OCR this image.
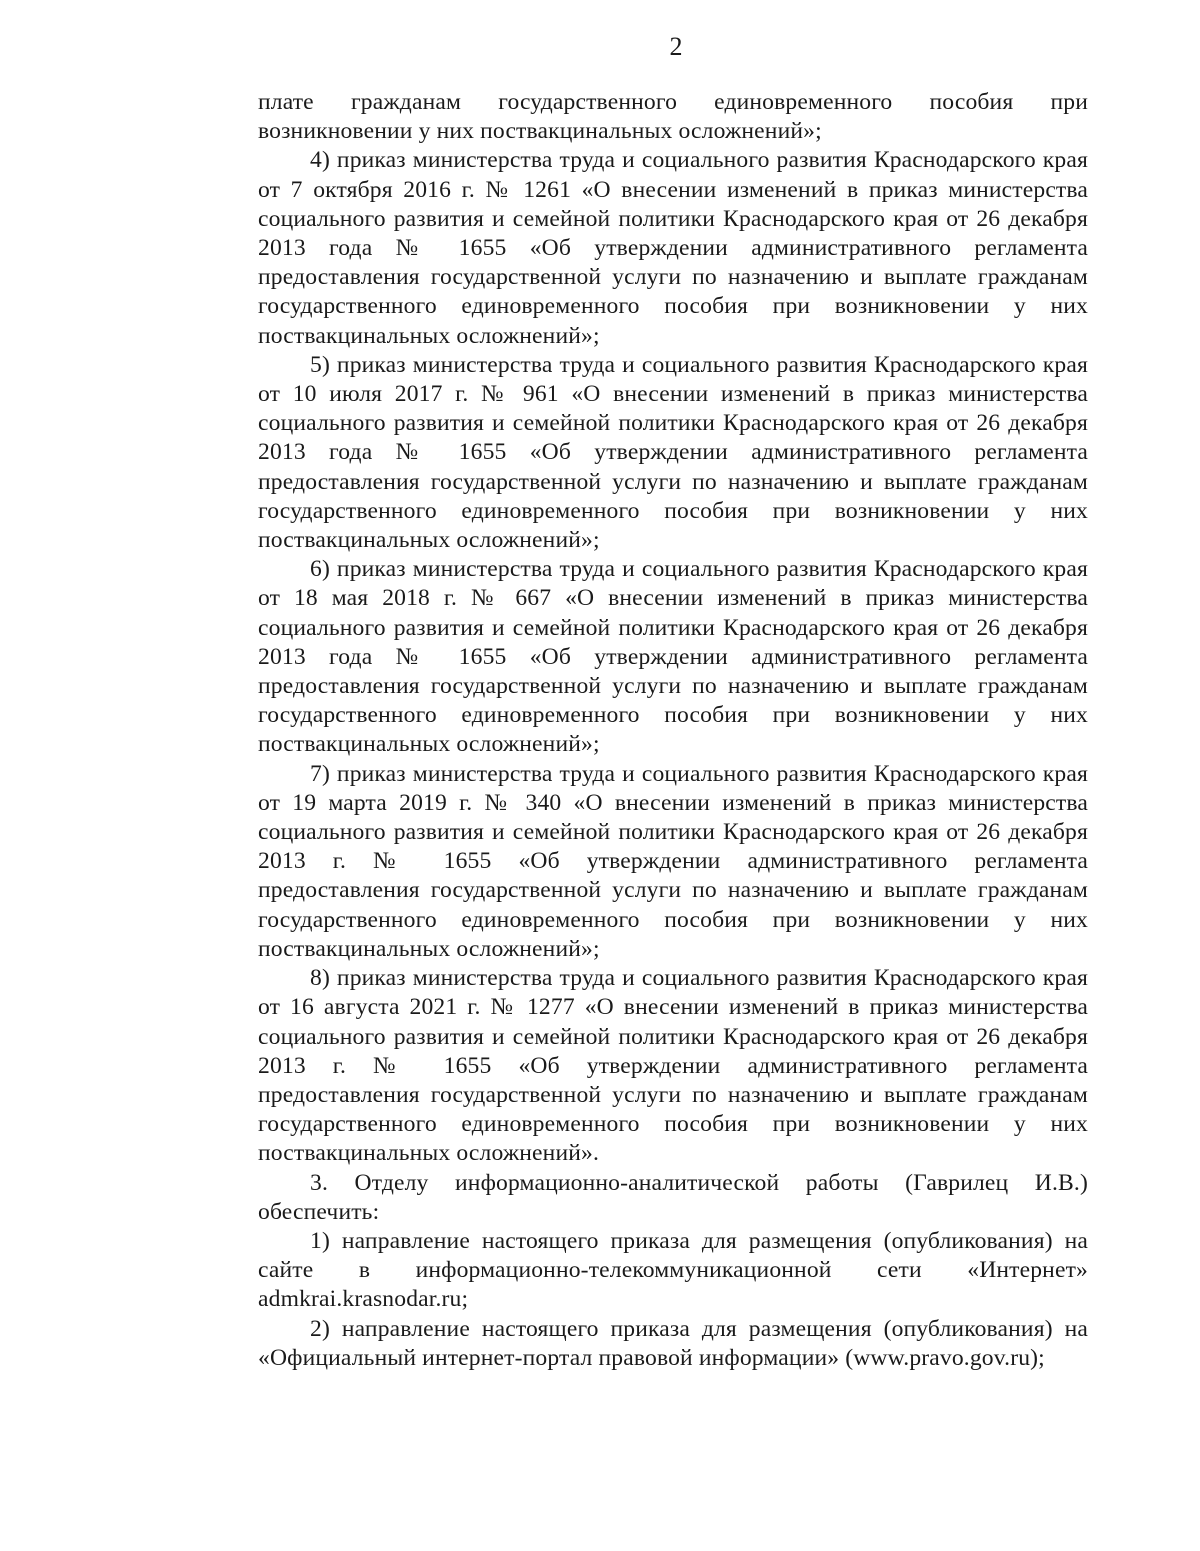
2

плате гражданам государственного единовременного пособия при возникновении у них поствакцинальных осложнений»;

4) приказ министерства труда и социального развития Краснодарского края от 7 октября 2016 г. № 1261 «О внесении изменений в приказ министерства социального развития и семейной политики Краснодарского края от 26 декабря 2013 года № 1655 «Об утверждении административного регламента предоставления государственной услуги по назначению и выплате гражданам государственного единовременного пособия при возникновении у них поствакцинальных осложнений»;

5) приказ министерства труда и социального развития Краснодарского края от 10 июля 2017 г. № 961 «О внесении изменений в приказ министерства социального развития и семейной политики Краснодарского края от 26 декабря 2013 года № 1655 «Об утверждении административного регламента предоставления государственной услуги по назначению и выплате гражданам государственного единовременного пособия при возникновении у них поствакцинальных осложнений»;

6) приказ министерства труда и социального развития Краснодарского края от 18 мая 2018 г. № 667 «О внесении изменений в приказ министерства социального развития и семейной политики Краснодарского края от 26 декабря 2013 года № 1655 «Об утверждении административного регламента предоставления государственной услуги по назначению и выплате гражданам государственного единовременного пособия при возникновении у них поствакцинальных осложнений»;

7) приказ министерства труда и социального развития Краснодарского края от 19 марта 2019 г. № 340 «О внесении изменений в приказ министерства социального развития и семейной политики Краснодарского края от 26 декабря 2013 г. № 1655 «Об утверждении административного регламента предоставления государственной услуги по назначению и выплате гражданам государственного единовременного пособия при возникновении у них поствакцинальных осложнений»;

8) приказ министерства труда и социального развития Краснодарского края от 16 августа 2021 г. № 1277 «О внесении изменений в приказ министерства социального развития и семейной политики Краснодарского края от 26 декабря 2013 г. № 1655 «Об утверждении административного регламента предоставления государственной услуги по назначению и выплате гражданам государственного единовременного пособия при возникновении у них поствакцинальных осложнений».

3. Отделу информационно-аналитической работы (Гаврилец И.В.) обеспечить:

1) направление настоящего приказа для размещения (опубликования) на сайте в информационно-телекоммуникационной сети «Интернет» admkrai.krasnodar.ru;

2) направление настоящего приказа для размещения (опубликования) на «Официальный интернет-портал правовой информации» (www.pravo.gov.ru);
